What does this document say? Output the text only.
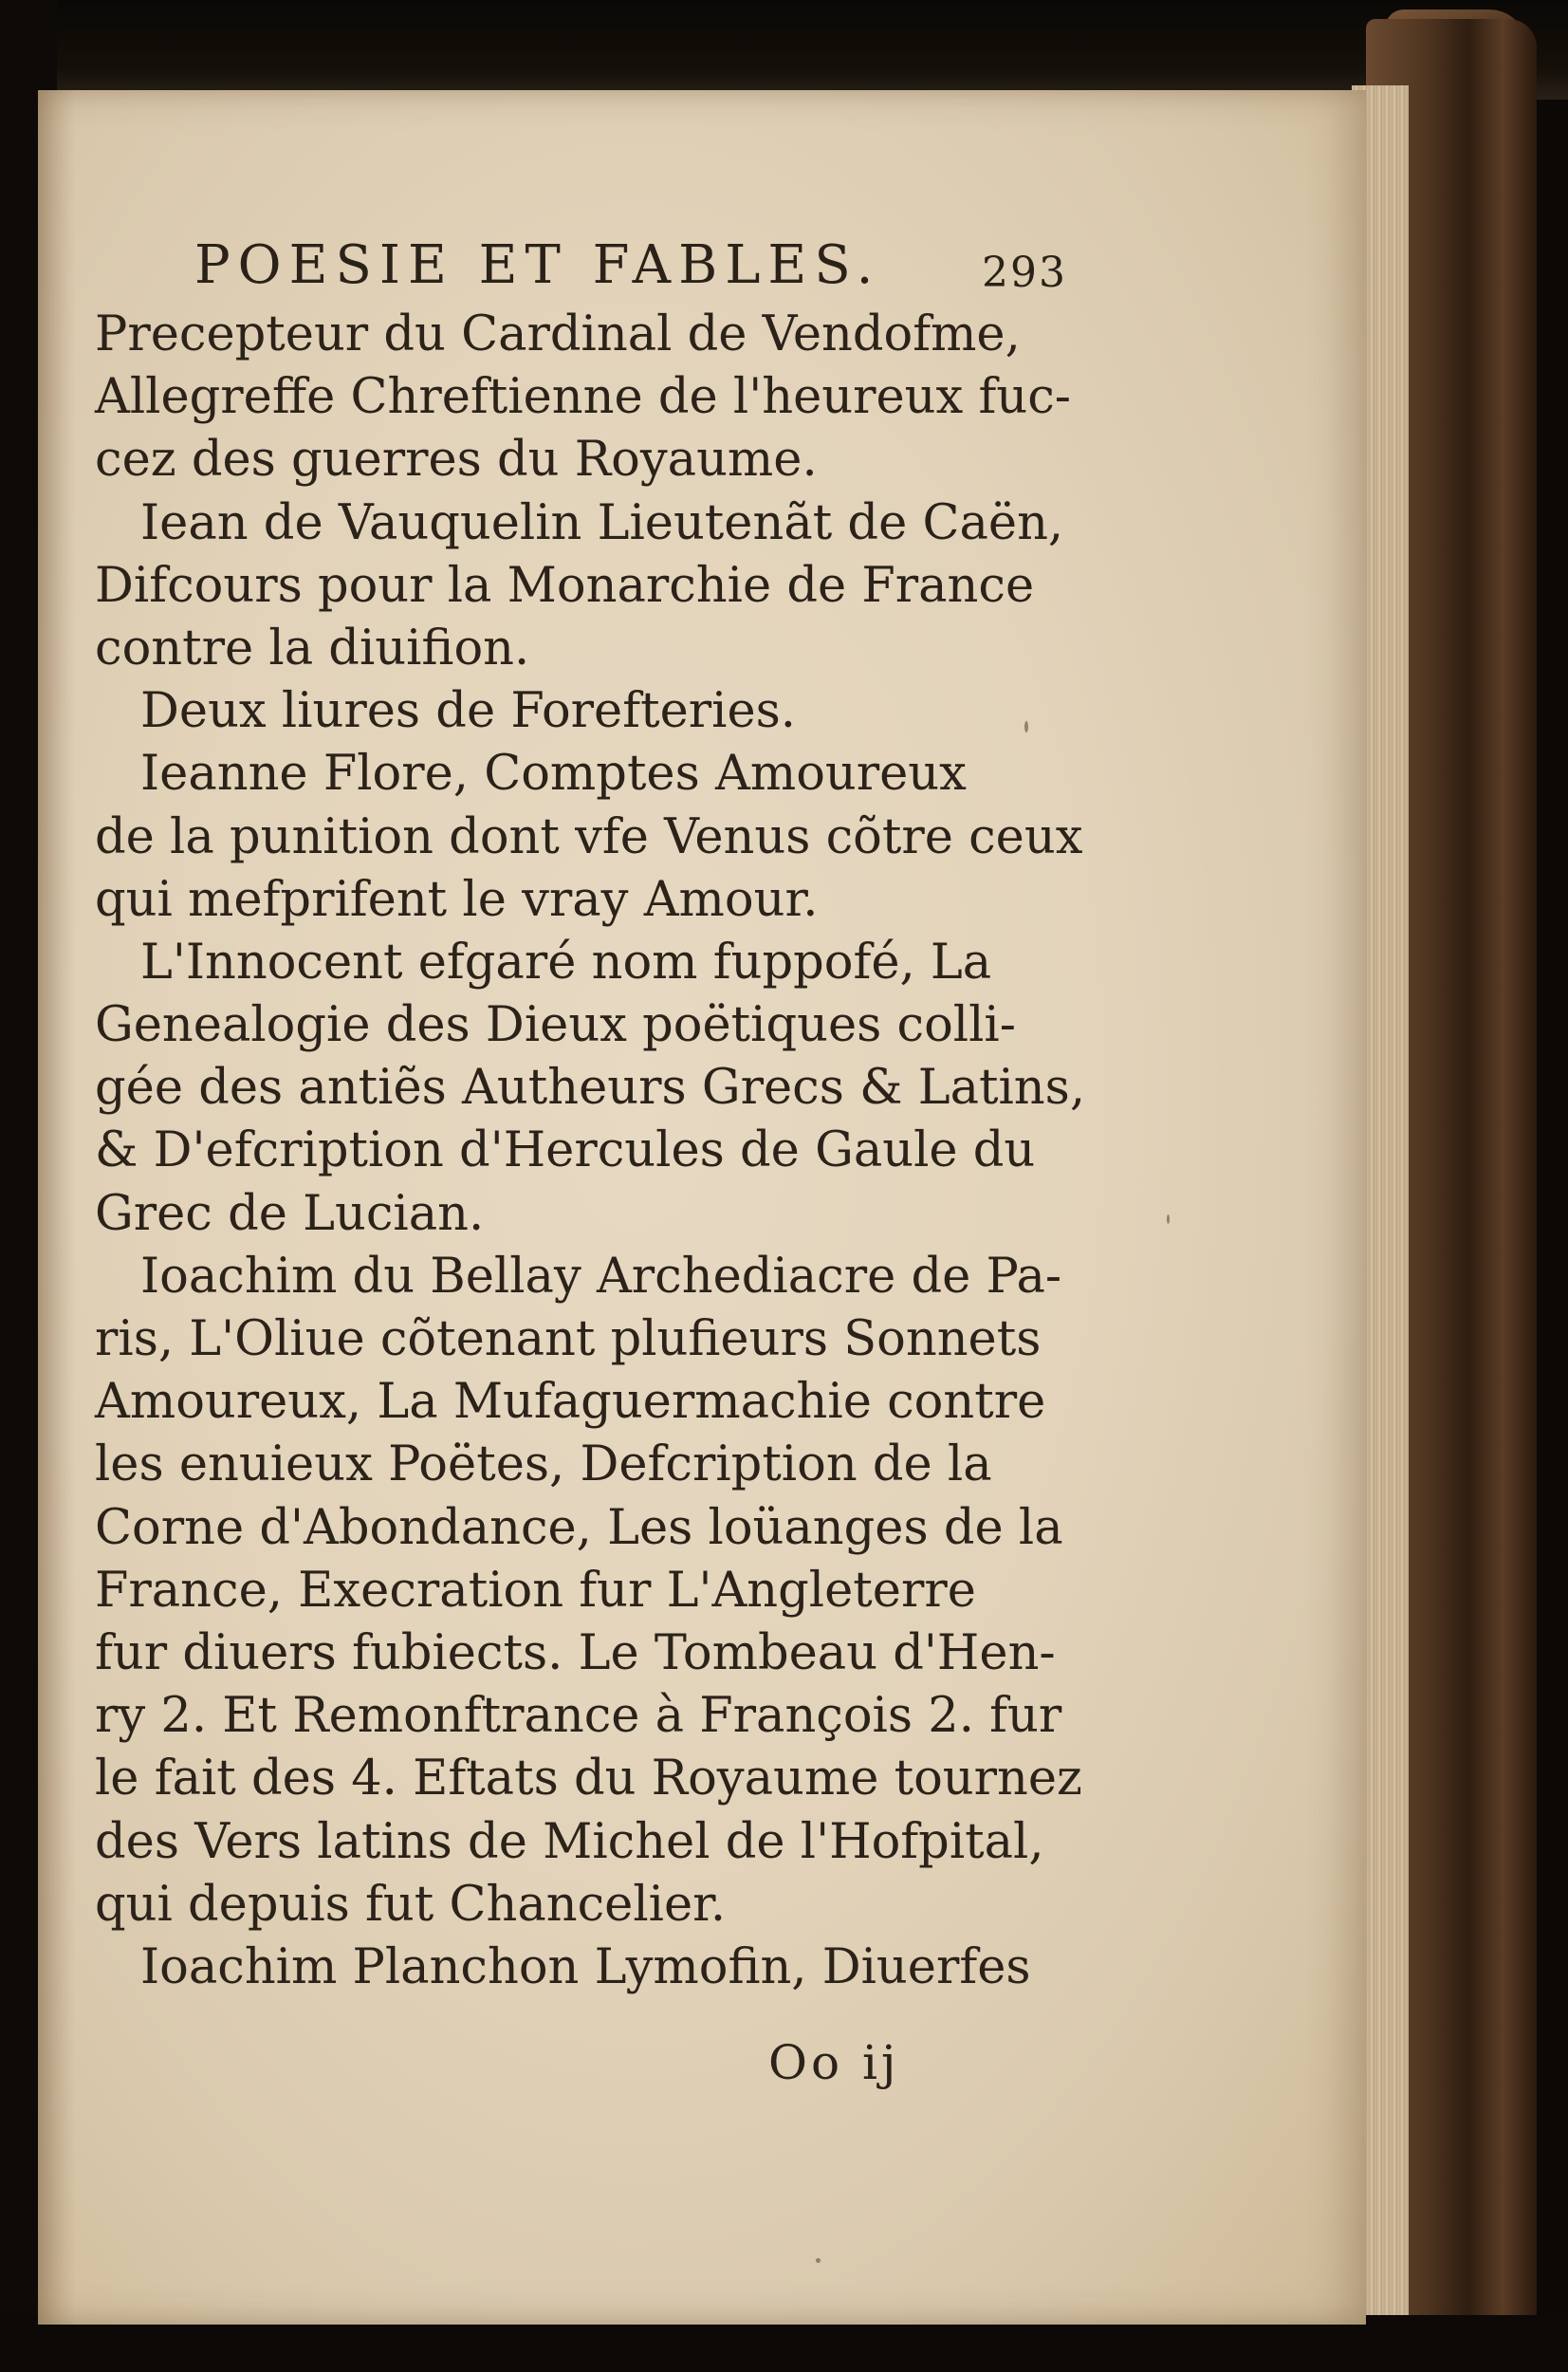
POESIE ET FABLES. 293
Precepteur du Cardinal de Vendofme,
Allegreffe Chreftienne de l'heureux fuc-
cez des guerres du Royaume.
Iean de Vauquelin Lieutenãt de Caën,
Difcours pour la Monarchie de France
contre la diuifion.
Deux liures de Forefteries.
Ieanne Flore, Comptes Amoureux
de la punition dont vfe Venus cõtre ceux
qui mefprifent le vray Amour.
L'Innocent efgaré nom fuppofé, La
Genealogie des Dieux poëtiques colli-
gée des antiẽs Autheurs Grecs & Latins,
& D'efcription d'Hercules de Gaule du
Grec de Lucian.
Ioachim du Bellay Archediacre de Pa-
ris, L'Oliue cõtenant plufieurs Sonnets
Amoureux, La Mufaguermachie contre
les enuieux Poëtes, Defcription de la
Corne d'Abondance, Les loüanges de la
France, Execration fur L'Angleterre
fur diuers fubiects. Le Tombeau d'Hen-
ry 2. Et Remonftrance à François 2. fur
le fait des 4. Eftats du Royaume tournez
des Vers latins de Michel de l'Hofpital,
qui depuis fut Chancelier.
Ioachim Planchon Lymofin, Diuerfes
Oo ij
